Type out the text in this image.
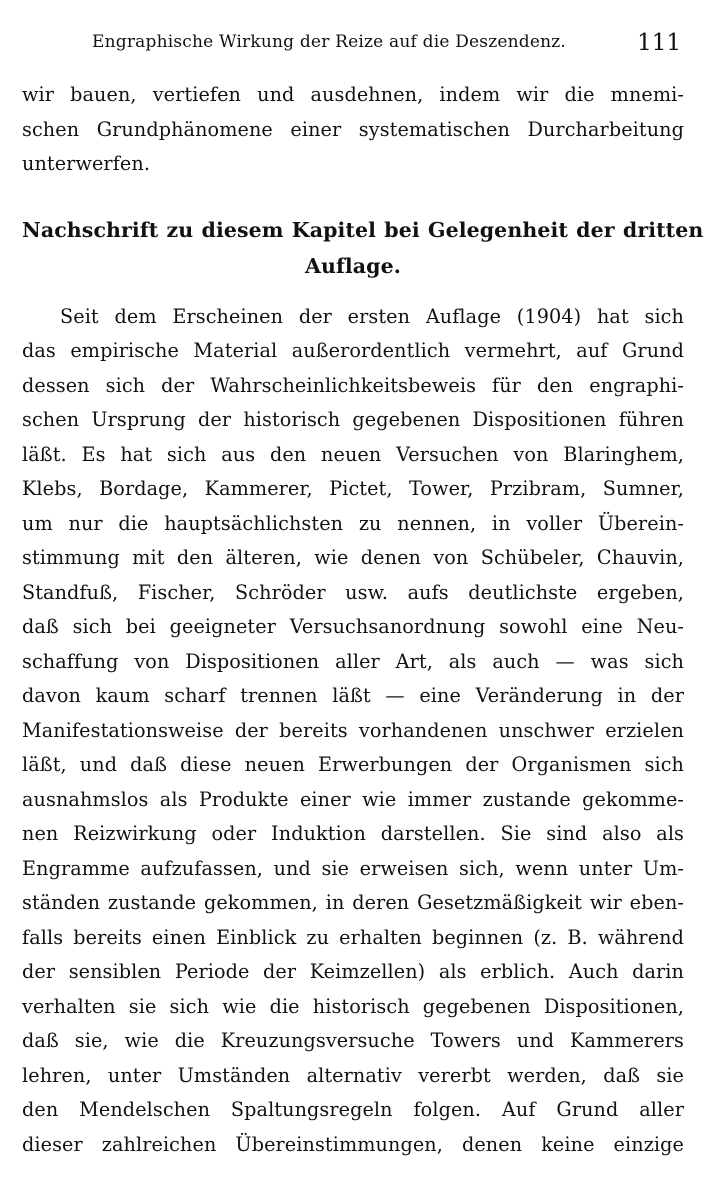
Engraphische Wirkung der Reize auf die Deszendenz.	111

wir bauen, vertiefen und ausdehnen, indem wir die mnemi-
schen Grundphänomene einer systematischen Durcharbeitung
unterwerfen.

Nachschrift zu diesem Kapitel bei Gelegenheit der dritten
Auflage.

Seit dem Erscheinen der ersten Auflage (1904) hat sich
das empirische Material außerordentlich vermehrt, auf Grund
dessen sich der Wahrscheinlichkeitsbeweis für den engraphi-
schen Ursprung der historisch gegebenen Dispositionen führen
läßt. Es hat sich aus den neuen Versuchen von Blaringhem,
Klebs, Bordage, Kammerer, Pictet, Tower, Przibram, Sumner,
um nur die hauptsächlichsten zu nennen, in voller Überein-
stimmung mit den älteren, wie denen von Schübeler, Chauvin,
Standfuß, Fischer, Schröder usw. aufs deutlichste ergeben,
daß sich bei geeigneter Versuchsanordnung sowohl eine Neu-
schaffung von Dispositionen aller Art, als auch — was sich
davon kaum scharf trennen läßt — eine Veränderung in der
Manifestationsweise der bereits vorhandenen unschwer erzielen
läßt, und daß diese neuen Erwerbungen der Organismen sich
ausnahmslos als Produkte einer wie immer zustande gekomme-
nen Reizwirkung oder Induktion darstellen. Sie sind also als
Engramme aufzufassen, und sie erweisen sich, wenn unter Um-
ständen zustande gekommen, in deren Gesetzmäßigkeit wir eben-
falls bereits einen Einblick zu erhalten beginnen (z. B. während
der sensiblen Periode der Keimzellen) als erblich. Auch darin
verhalten sie sich wie die historisch gegebenen Dispositionen,
daß sie, wie die Kreuzungsversuche Towers und Kammerers
lehren, unter Umständen alternativ vererbt werden, daß sie
den Mendelschen Spaltungsregeln folgen. Auf Grund aller
dieser zahlreichen Übereinstimmungen, denen keine einzige
